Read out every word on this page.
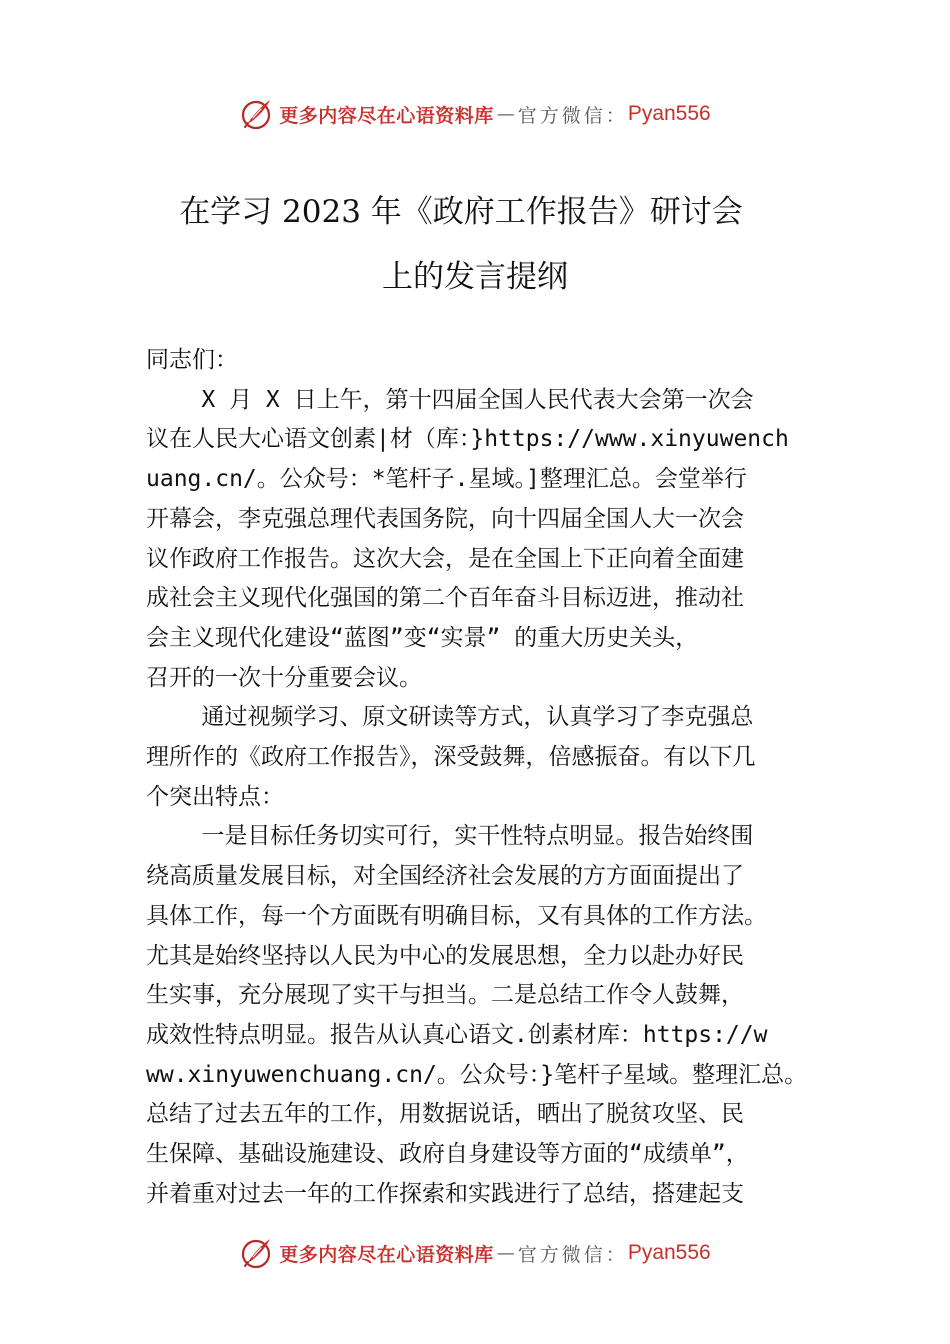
更多内容尽在心语资料库 — 官方微信： Pyan556
在学习 2023 年《政府工作报告》研讨会
上的发言提纲

同志们：

X 月 X 日上午，第十四届全国人民代表大会第一次会

议在人民大心语文创素|材（库：}https://www.xinyuwench

uang.cn/。公众号：*笔杆子.星域。]整理汇总。会堂举行

开幕会，李克强总理代表国务院，向十四届全国人大一次会

议作政府工作报告。这次大会，是在全国上下正向着全面建

成社会主义现代化强国的第二个百年奋斗目标迈进，推动社

会主义现代化建设“蓝图”变“实景” 的重大历史关头，

召开的一次十分重要会议。

通过视频学习、原文研读等方式，认真学习了李克强总

理所作的《政府工作报告》，深受鼓舞，倍感振奋。有以下几

个突出特点：

一是目标任务切实可行，实干性特点明显。报告始终围

绕高质量发展目标，对全国经济社会发展的方方面面提出了

具体工作，每一个方面既有明确目标，又有具体的工作方法。

尤其是始终坚持以人民为中心的发展思想，全力以赴办好民

生实事，充分展现了实干与担当。二是总结工作令人鼓舞，

成效性特点明显。报告从认真心语文.创素材库：https://w

ww.xinyuwenchuang.cn/。公众号：}笔杆子星域。整理汇总。

总结了过去五年的工作，用数据说话，晒出了脱贫攻坚、民

生保障、基础设施建设、政府自身建设等方面的“成绩单”，

并着重对过去一年的工作探索和实践进行了总结，搭建起支

更多内容尽在心语资料库 — 官方微信： Pyan556
